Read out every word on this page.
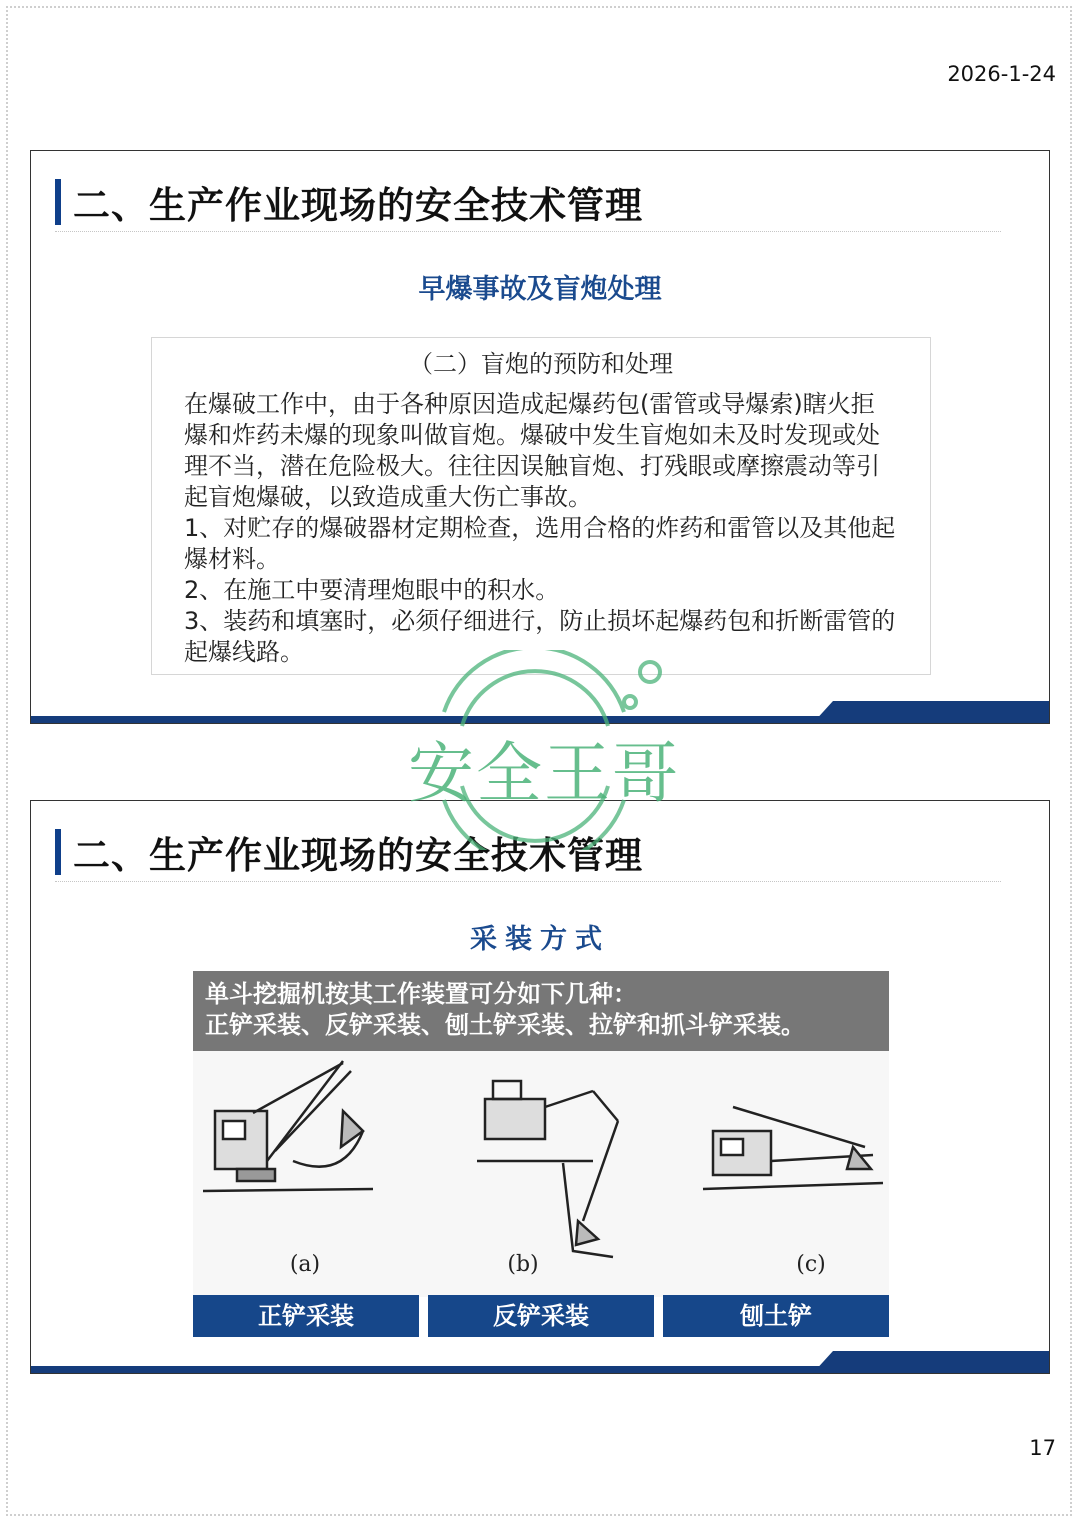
2026-1-24
二、生产作业现场的安全技术管理
早爆事故及盲炮处理
（二）盲炮的预防和处理

在爆破工作中，由于各种原因造成起爆药包(雷管或导爆索)瞎火拒爆和炸药未爆的现象叫做盲炮。爆破中发生盲炮如未及时发现或处理不当，潜在危险极大。往往因误触盲炮、打残眼或摩擦震动等引起盲炮爆破，以致造成重大伤亡事故。

1、对贮存的爆破器材定期检查，选用合格的炸药和雷管以及其他起爆材料。

2、在施工中要清理炮眼中的积水。

3、装药和填塞时，必须仔细进行，防止损坏起爆药包和折断雷管的起爆线路。

二、生产作业现场的安全技术管理
采装方式

单斗挖掘机按其工作装置可分如下几种：

正铲采装、反铲采装、刨土铲采装、拉铲和抓斗铲采装。

(a)	(b)	(c)
正铲采装	反铲采装	刨土铲
安全王哥
17
